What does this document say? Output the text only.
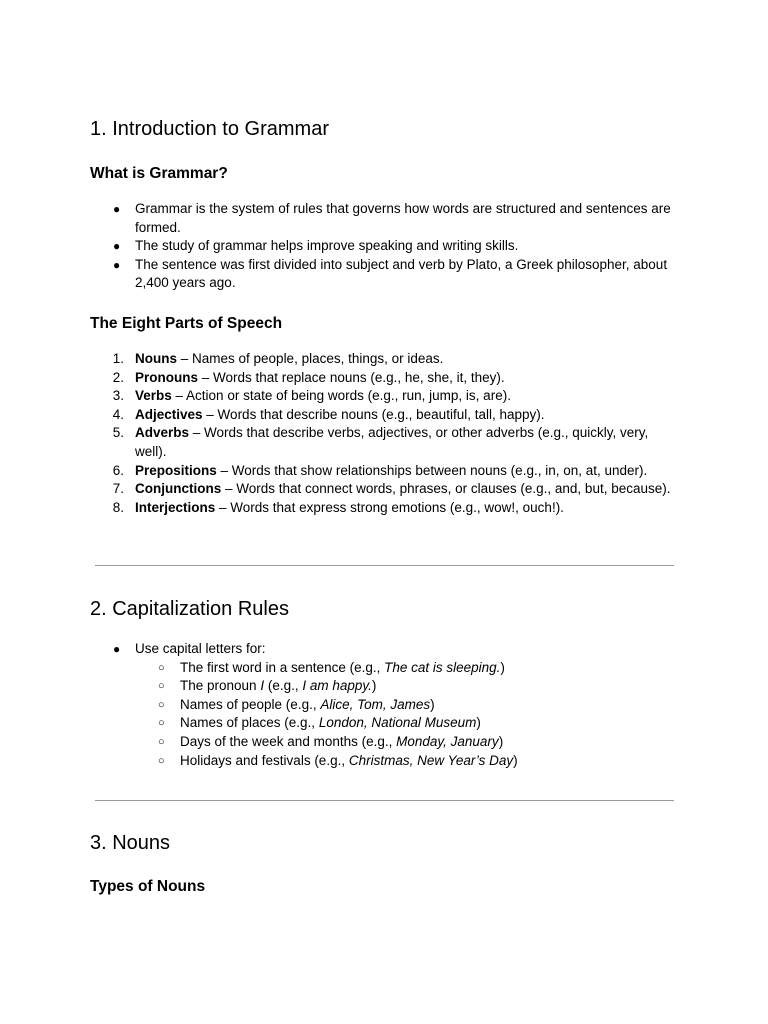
1. Introduction to Grammar
What is Grammar?
●	Grammar is the system of rules that governs how words are structured and sentences are formed.
●	The study of grammar helps improve speaking and writing skills.
●	The sentence was first divided into subject and verb by Plato, a Greek philosopher, about 2,400 years ago.
The Eight Parts of Speech
1. Nouns – Names of people, places, things, or ideas.
2. Pronouns – Words that replace nouns (e.g., he, she, it, they).
3. Verbs – Action or state of being words (e.g., run, jump, is, are).
4. Adjectives – Words that describe nouns (e.g., beautiful, tall, happy).
5. Adverbs – Words that describe verbs, adjectives, or other adverbs (e.g., quickly, very, well).
6. Prepositions – Words that show relationships between nouns (e.g., in, on, at, under).
7. Conjunctions – Words that connect words, phrases, or clauses (e.g., and, but, because).
8. Interjections – Words that express strong emotions (e.g., wow!, ouch!).
2. Capitalization Rules
●	Use capital letters for:
○ The first word in a sentence (e.g., The cat is sleeping.)
○ The pronoun I (e.g., I am happy.)
○ Names of people (e.g., Alice, Tom, James)
○ Names of places (e.g., London, National Museum)
○ Days of the week and months (e.g., Monday, January)
○ Holidays and festivals (e.g., Christmas, New Year’s Day)
3. Nouns
Types of Nouns
